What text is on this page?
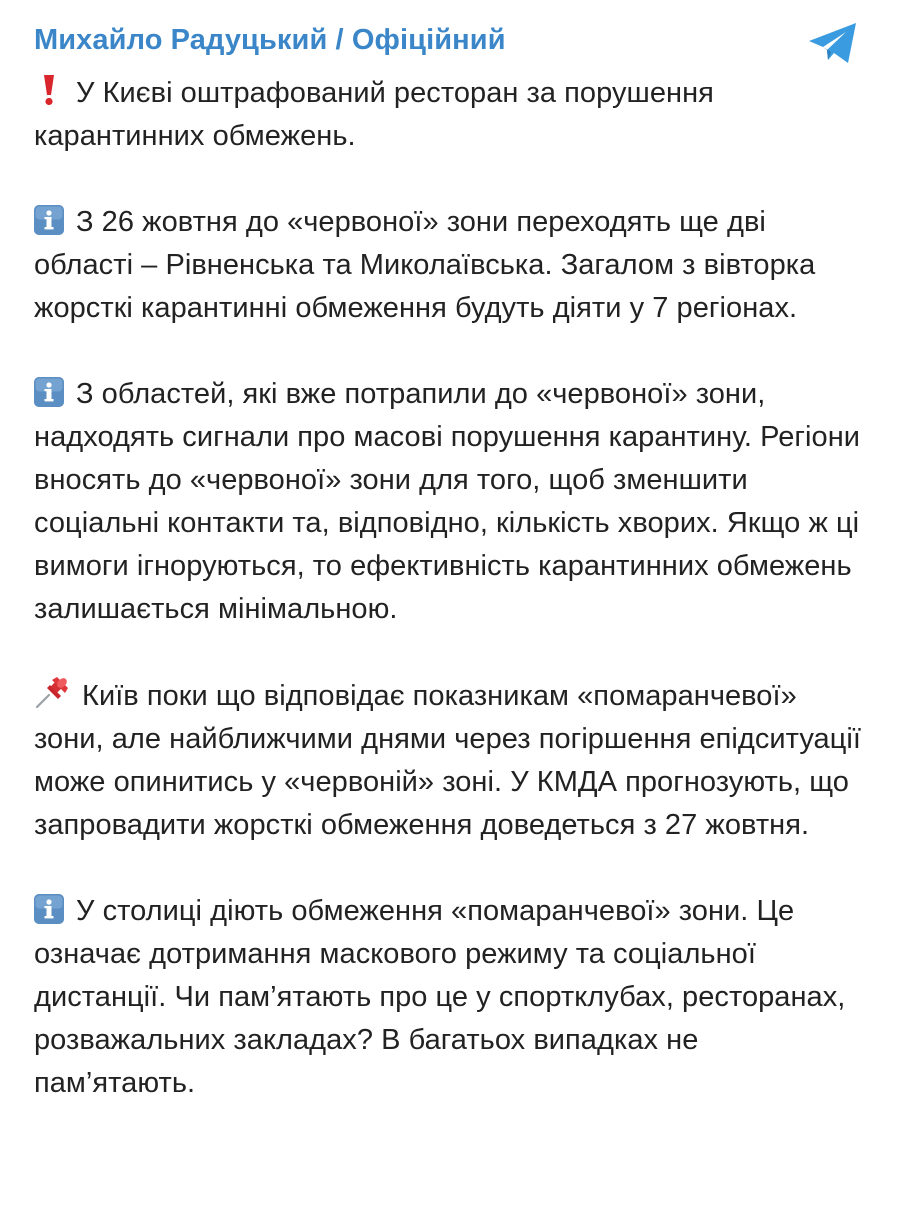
Михайло Радуцький / Офіційний

У Києві оштрафований ресторан за порушення карантинних обмежень.

З 26 жовтня до «червоної» зони переходять ще дві області – Рівненська та Миколаївська. Загалом з вівторка жорсткі карантинні обмеження будуть діяти у 7 регіонах.

З областей, які вже потрапили до «червоної» зони, надходять сигнали про масові порушення карантину. Регіони вносять до «червоної» зони для того, щоб зменшити соціальні контакти та, відповідно, кількість хворих. Якщо ж ці вимоги ігноруються, то ефективність карантинних обмежень залишається мінімальною.

Київ поки що відповідає показникам «помаранчевої» зони, але найближчими днями через погіршення епідситуації може опинитись у «червоній» зоні. У КМДА прогнозують, що запровадити жорсткі обмеження доведеться з 27 жовтня.

У столиці діють обмеження «помаранчевої» зони. Це означає дотримання маскового режиму та соціальної дистанції. Чи пам’ятають про це у спортклубах, ресторанах, розважальних закладах? В багатьох випадках не пам’ятають.
